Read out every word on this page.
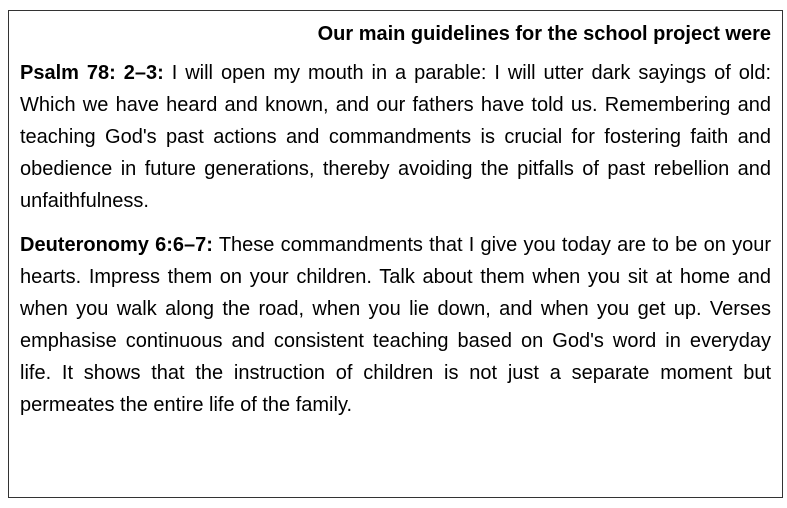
Our main guidelines for the school project were

Psalm 78: 2–3: I will open my mouth in a parable: I will utter dark sayings of old: Which we have heard and known, and our fathers have told us. Remembering and teaching God's past actions and commandments is crucial for fostering faith and obedience in future generations, thereby avoiding the pitfalls of past rebellion and unfaithfulness.

Deuteronomy 6:6–7: These commandments that I give you today are to be on your hearts. Impress them on your children. Talk about them when you sit at home and when you walk along the road, when you lie down, and when you get up. Verses emphasise continuous and consistent teaching based on God's word in everyday life. It shows that the instruction of children is not just a separate moment but permeates the entire life of the family.
